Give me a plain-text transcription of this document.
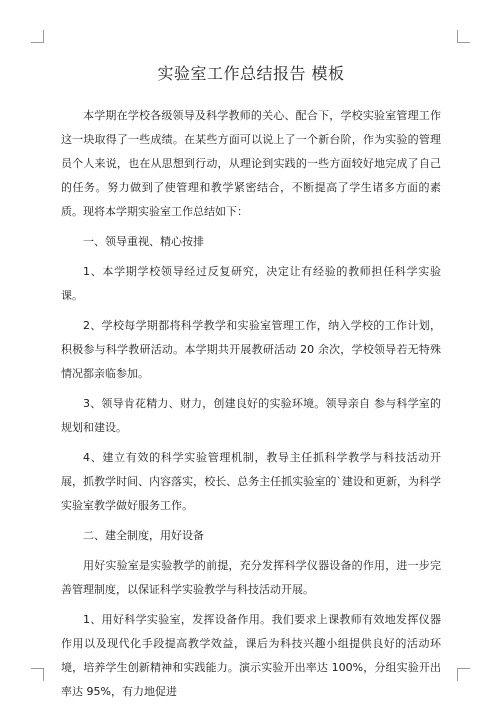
实验室工作总结报告 模板

本学期在学校各级领导及科学教师的关心、配合下，学校实验室管理工作这一块取得了一些成绩。在某些方面可以说上了一个新台阶，作为实验的管理员个人来说，也在从思想到行动，从理论到实践的一些方面较好地完成了自己的任务。努力做到了使管理和教学紧密结合，不断提高了学生诸多方面的素质。现将本学期实验室工作总结如下：

一、领导重视、精心按排

1、本学期学校领导经过反复研究，决定让有经验的教师担任科学实验课。

2、学校每学期都将科学教学和实验室管理工作，纳入学校的工作计划，积极参与科学教研活动。本学期共开展教研活动 20 余次，学校领导若无特殊情况都亲临参加。

3、领导肯花精力、财力，创建良好的实验环境。领导亲自 参与科学室的规划和建设。

4、建立有效的科学实验管理机制，教导主任抓科学教学与科技活动开展，抓教学时间、内容落实，校长、总务主任抓实验室的`建设和更新，为科学实验室教学做好服务工作。

二、建全制度，用好设备

用好实验室是实验教学的前提，充分发挥科学仪器设备的作用，进一步完善管理制度，以保证科学实验教学与科技活动开展。

1、用好科学实验室，发挥设备作用。我们要求上课教师有效地发挥仪器作用以及现代化手段提高教学效益，课后为科技兴趣小组提供良好的活动环境，培养学生创新精神和实践能力。演示实验开出率达 100%，分组实验开出率达 95%，有力地促进
